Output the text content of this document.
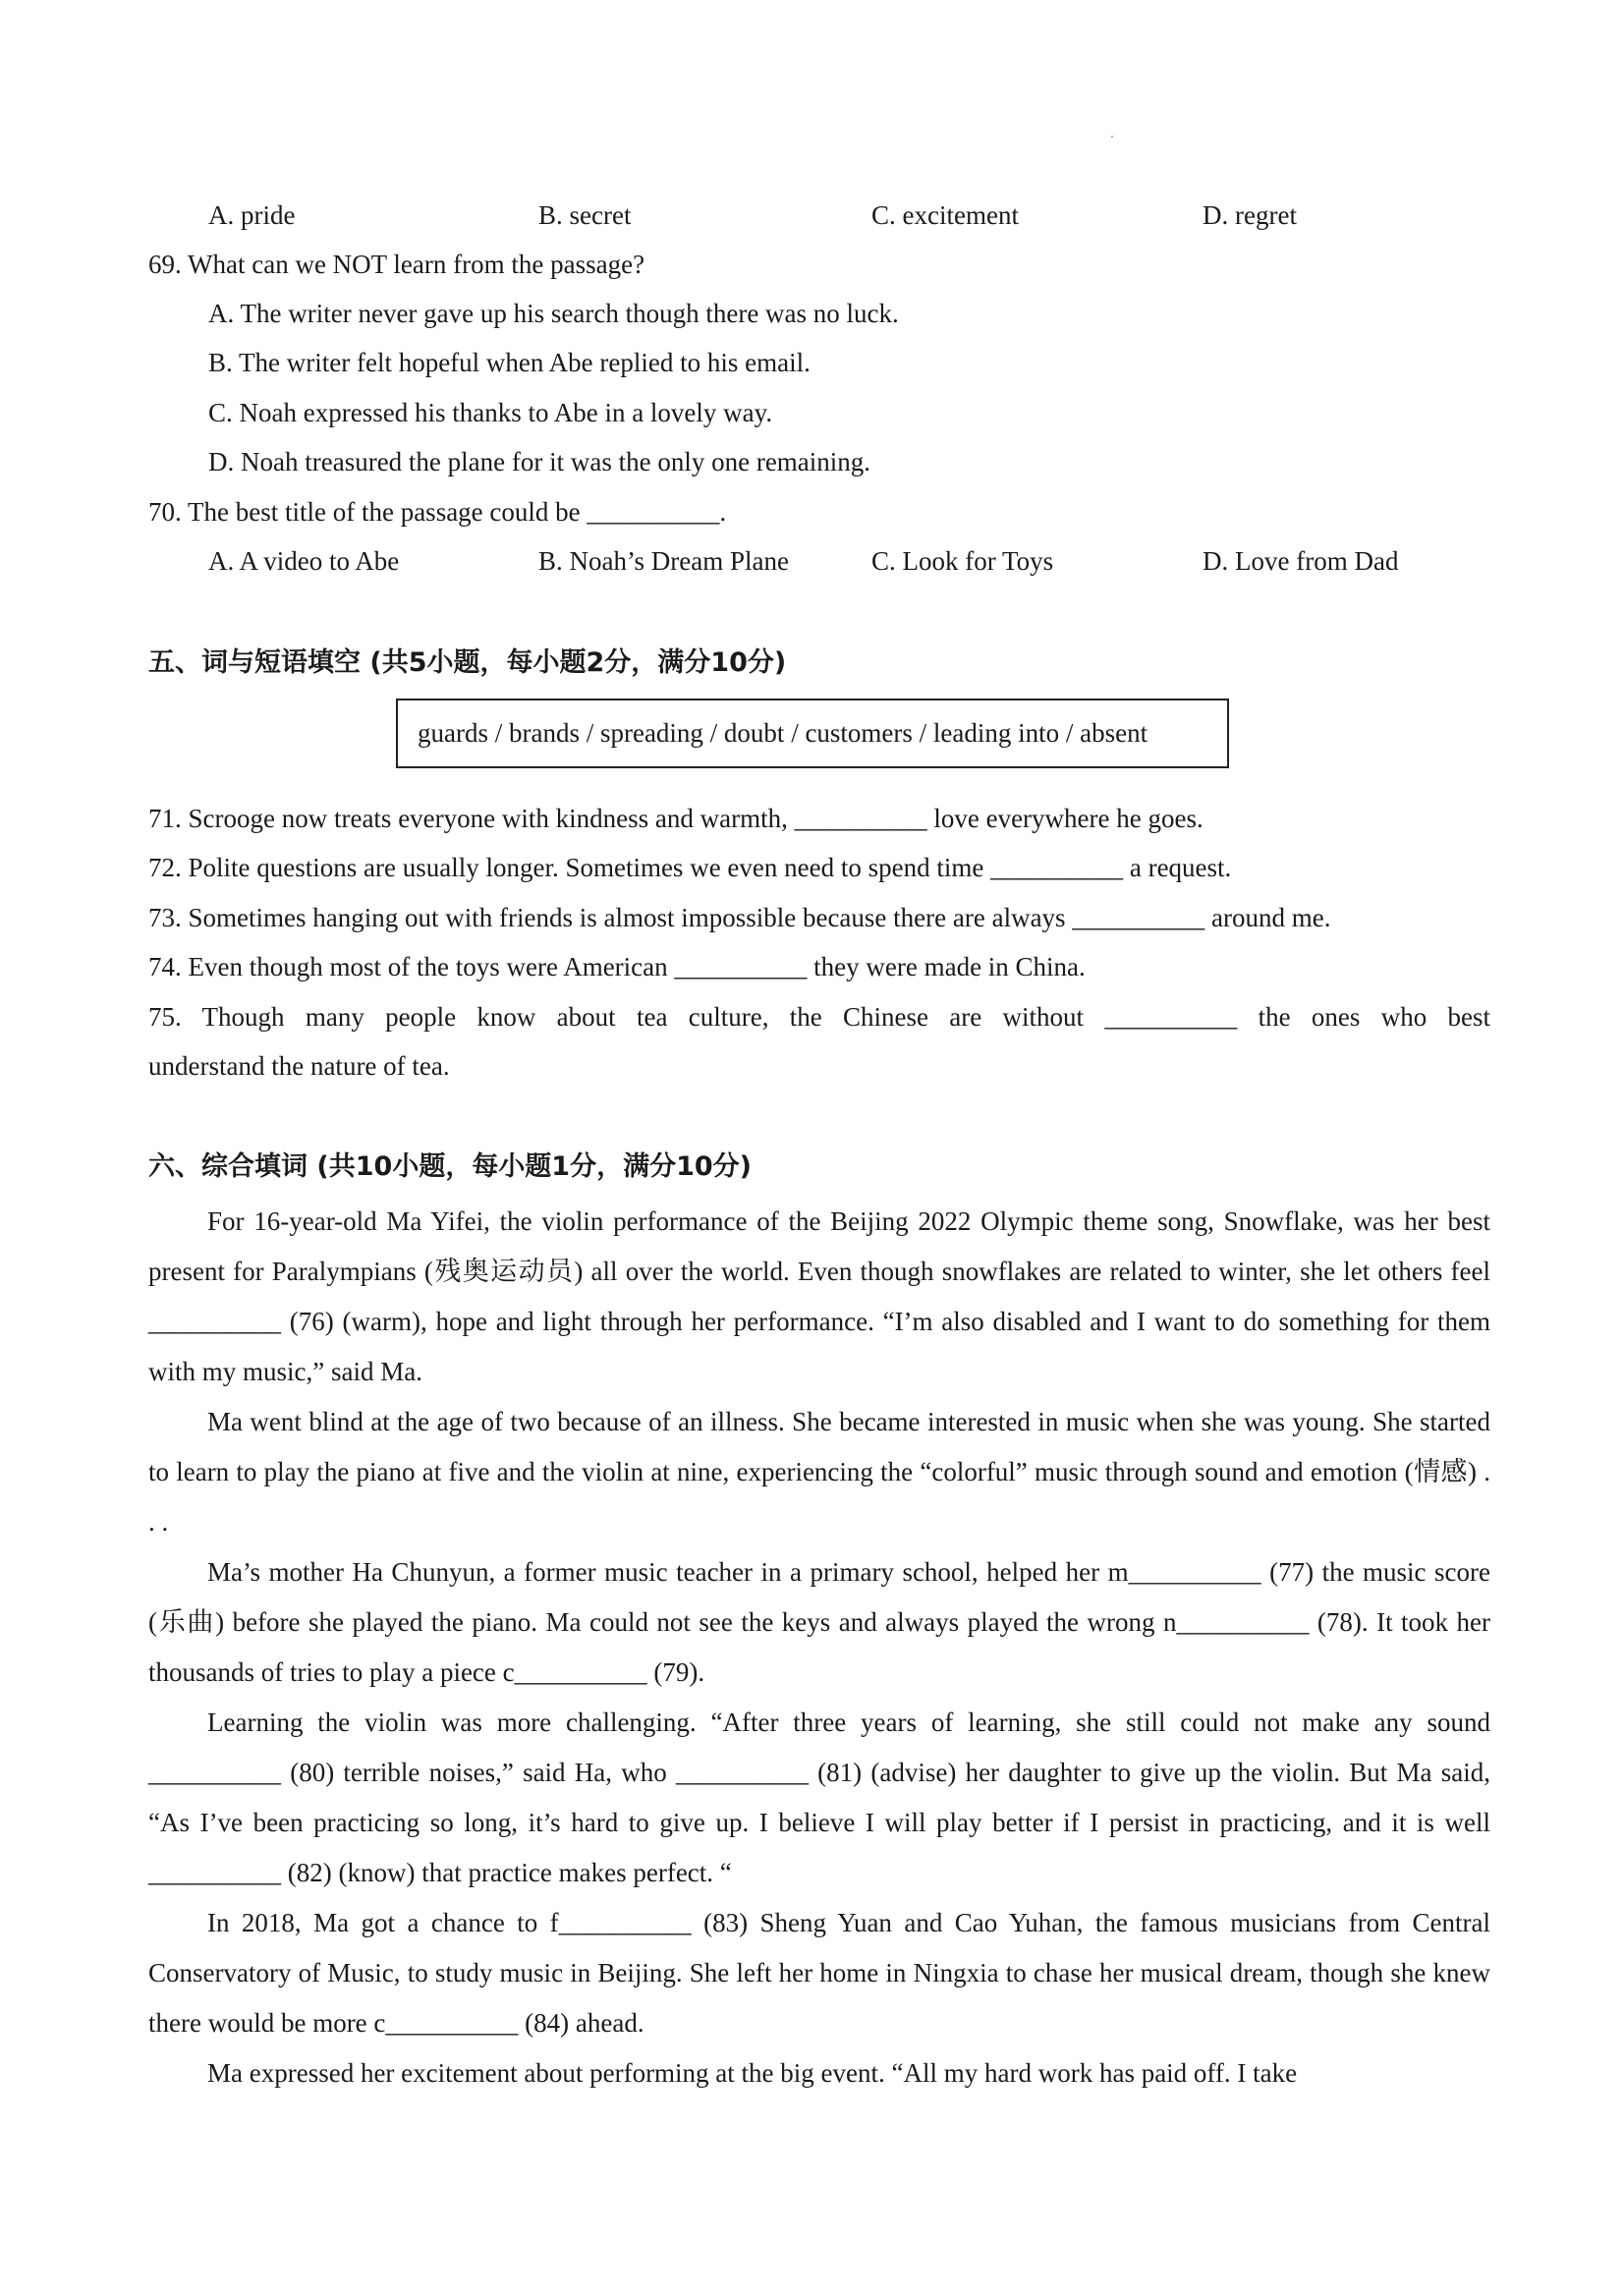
A. pride	B. secret	C. excitement	D. regret
69. What can we NOT learn from the passage?
A. The writer never gave up his search though there was no luck.
B. The writer felt hopeful when Abe replied to his email.
C. Noah expressed his thanks to Abe in a lovely way.
D. Noah treasured the plane for it was the only one remaining.
70. The best title of the passage could be __________.
A. A video to Abe	B. Noah’s Dream Plane	C. Look for Toys	D. Love from Dad
五、词与短语填空 (共5小题，每小题2分，满分10分)
guards / brands / spreading / doubt / customers / leading into / absent
71. Scrooge now treats everyone with kindness and warmth, __________ love everywhere he goes.
72. Polite questions are usually longer. Sometimes we even need to spend time __________ a request.
73. Sometimes hanging out with friends is almost impossible because there are always __________ around me.
74. Even though most of the toys were American __________ they were made in China.
75. Though many people know about tea culture, the Chinese are without __________ the ones who best
understand the nature of tea.
六、综合填词 (共10小题，每小题1分，满分10分)
For 16-year-old Ma Yifei, the violin performance of the Beijing 2022 Olympic theme song, Snowflake, was her best present for Paralympians (残奥运动员) all over the world. Even though snowflakes are related to winter, she let others feel __________ (76) (warm), hope and light through her performance. “I’m also disabled and I want to do something for them with my music,” said Ma.
Ma went blind at the age of two because of an illness. She became interested in music when she was young. She started to learn to play the piano at five and the violin at nine, experiencing the “colorful” music through sound and emotion (情感) . . .
Ma’s mother Ha Chunyun, a former music teacher in a primary school, helped her m__________ (77) the music score (乐曲) before she played the piano. Ma could not see the keys and always played the wrong n__________ (78). It took her thousands of tries to play a piece c__________ (79).
Learning the violin was more challenging. “After three years of learning, she still could not make any sound __________ (80) terrible noises,” said Ha, who __________ (81) (advise) her daughter to give up the violin. But Ma said, “As I’ve been practicing so long, it’s hard to give up. I believe I will play better if I persist in practicing, and it is well __________ (82) (know) that practice makes perfect. “
In 2018, Ma got a chance to f__________ (83) Sheng Yuan and Cao Yuhan, the famous musicians from Central Conservatory of Music, to study music in Beijing. She left her home in Ningxia to chase her musical dream, though she knew there would be more c__________ (84) ahead.
Ma expressed her excitement about performing at the big event. “All my hard work has paid off. I take
